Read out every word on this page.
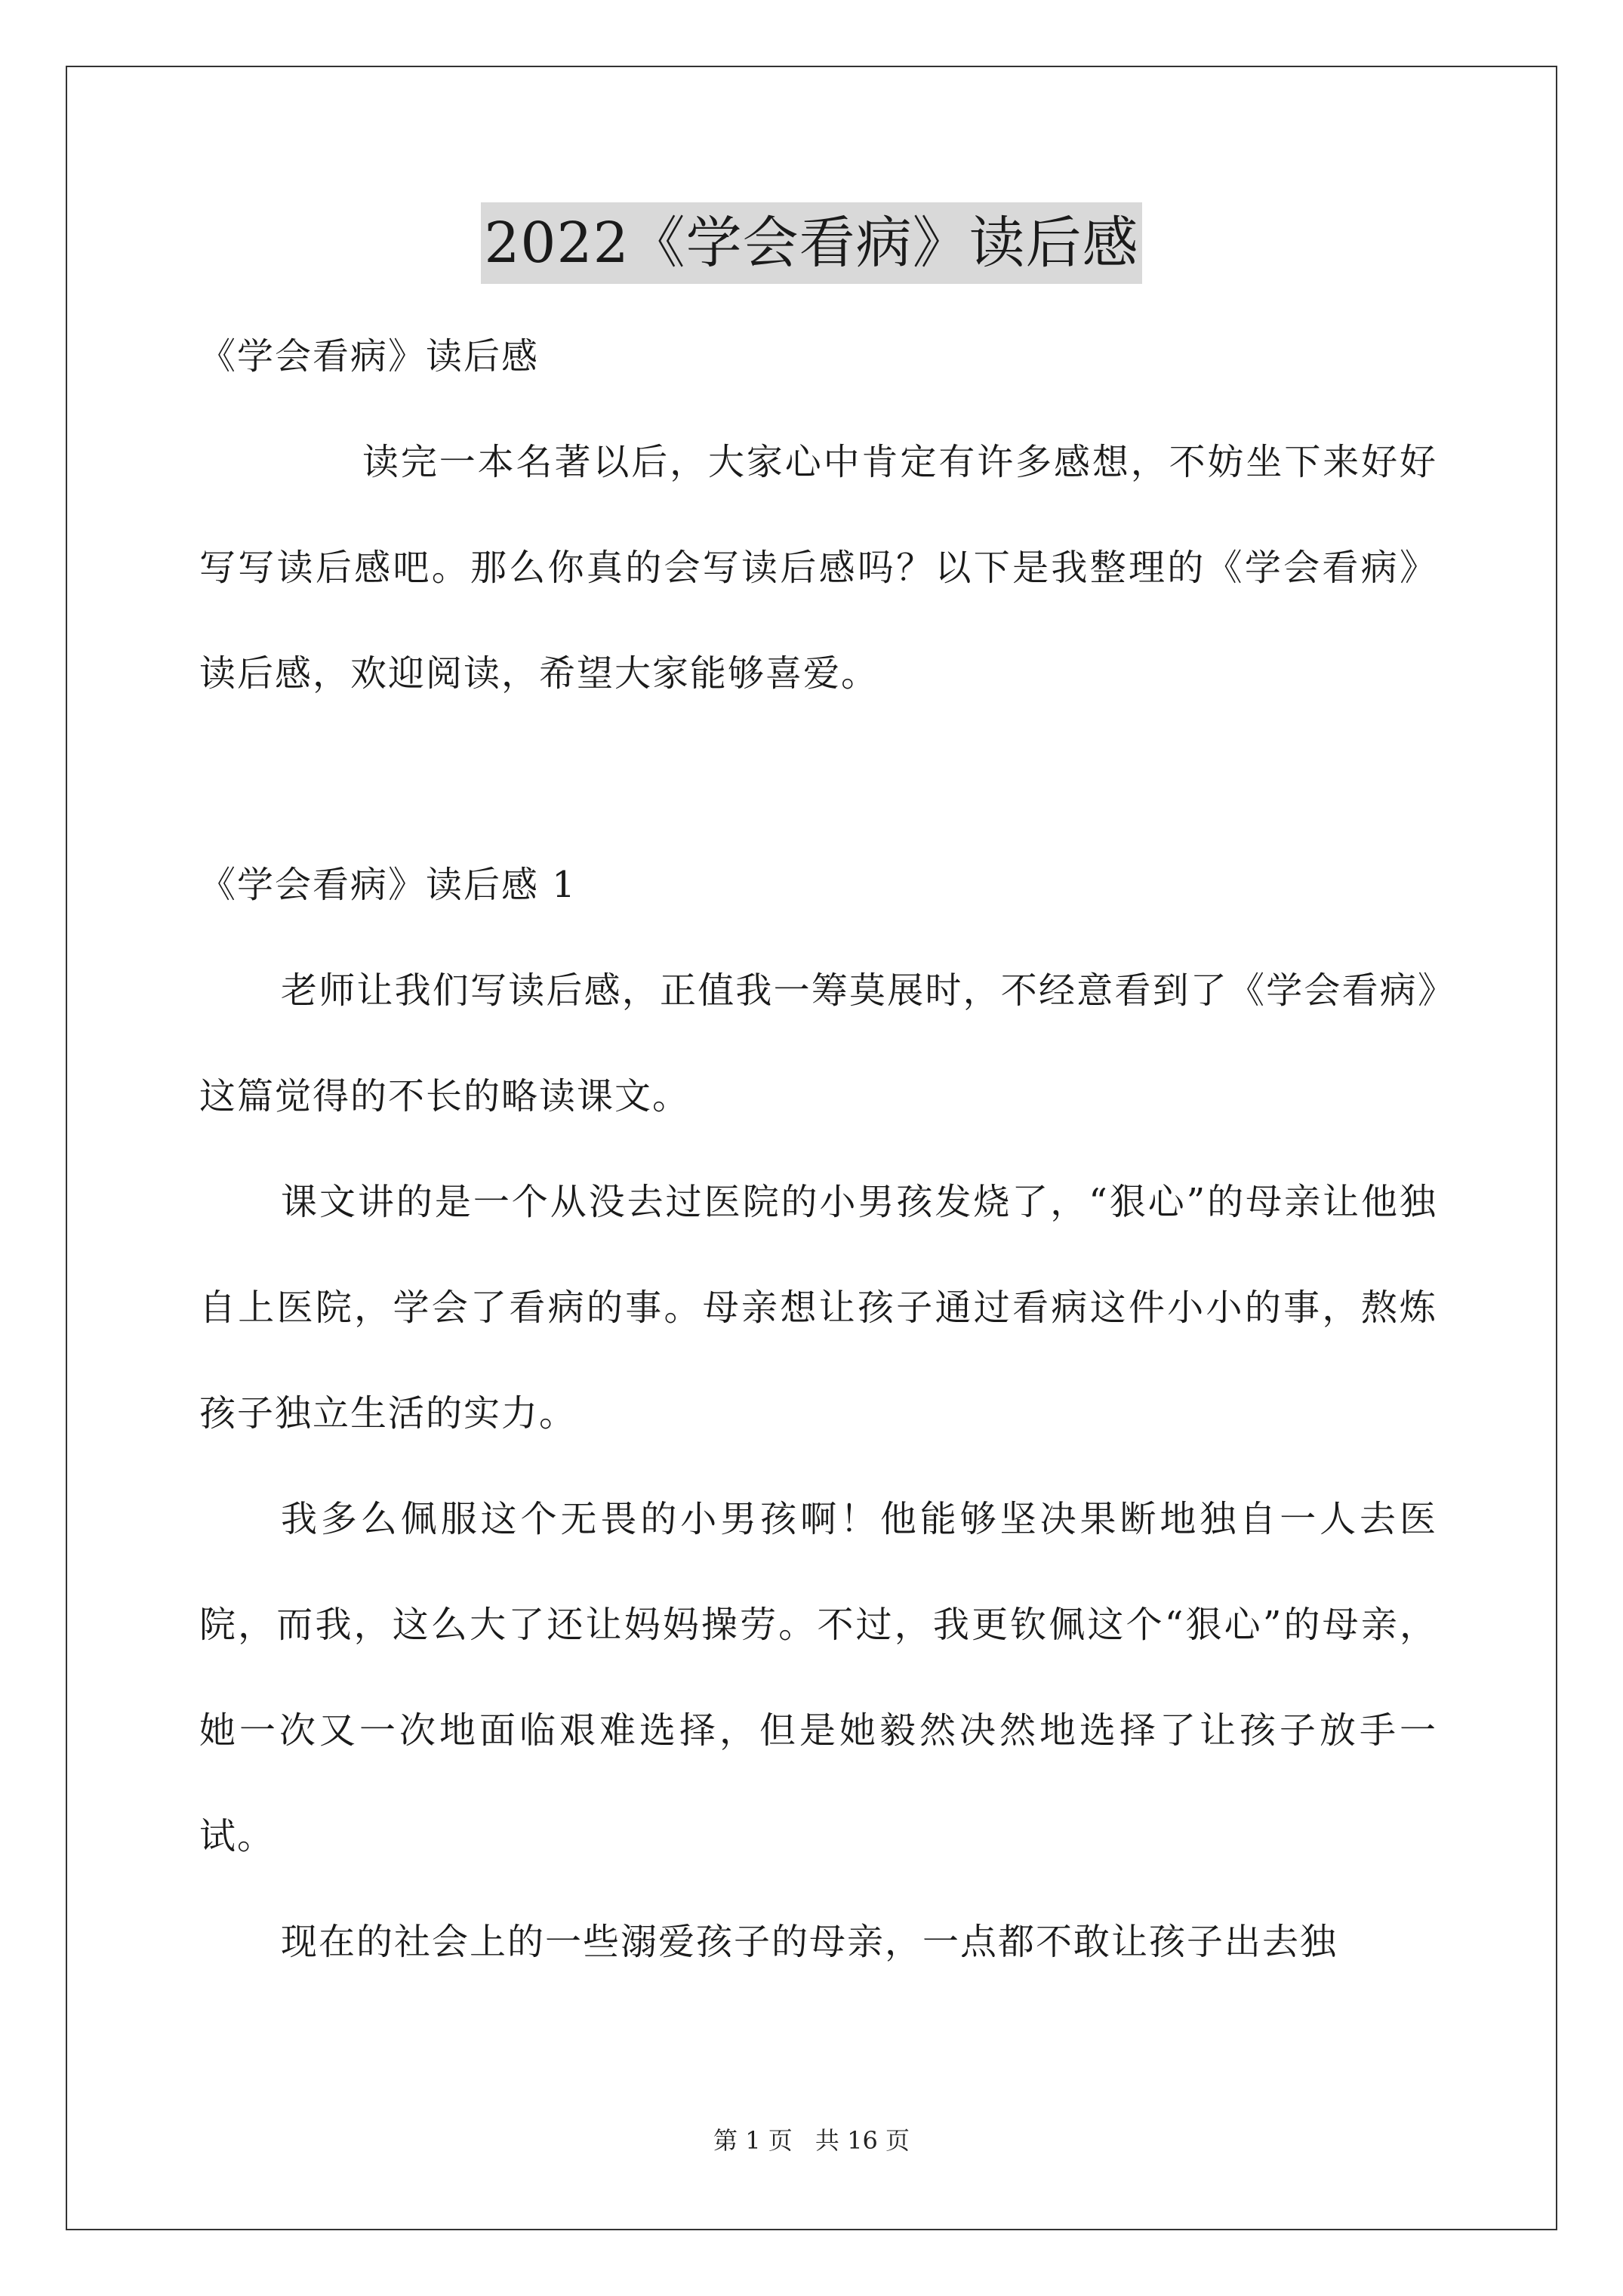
2022《学会看病》读后感

《学会看病》读后感

读完一本名著以后，大家心中肯定有许多感想，不妨坐下来好好写写读后感吧。那么你真的会写读后感吗？以下是我整理的《学会看病》读后感，欢迎阅读，希望大家能够喜爱。

《学会看病》读后感 1

老师让我们写读后感，正值我一筹莫展时，不经意看到了《学会看病》这篇觉得的不长的略读课文。

课文讲的是一个从没去过医院的小男孩发烧了，“狠心”的母亲让他独自上医院，学会了看病的事。母亲想让孩子通过看病这件小小的事，熬炼孩子独立生活的实力。

我多么佩服这个无畏的小男孩啊！他能够坚决果断地独自一人去医院，而我，这么大了还让妈妈操劳。不过，我更钦佩这个“狠心”的母亲，她一次又一次地面临艰难选择，但是她毅然决然地选择了让孩子放手一试。

现在的社会上的一些溺爱孩子的母亲，一点都不敢让孩子出去独

第 1 页 共 16 页
